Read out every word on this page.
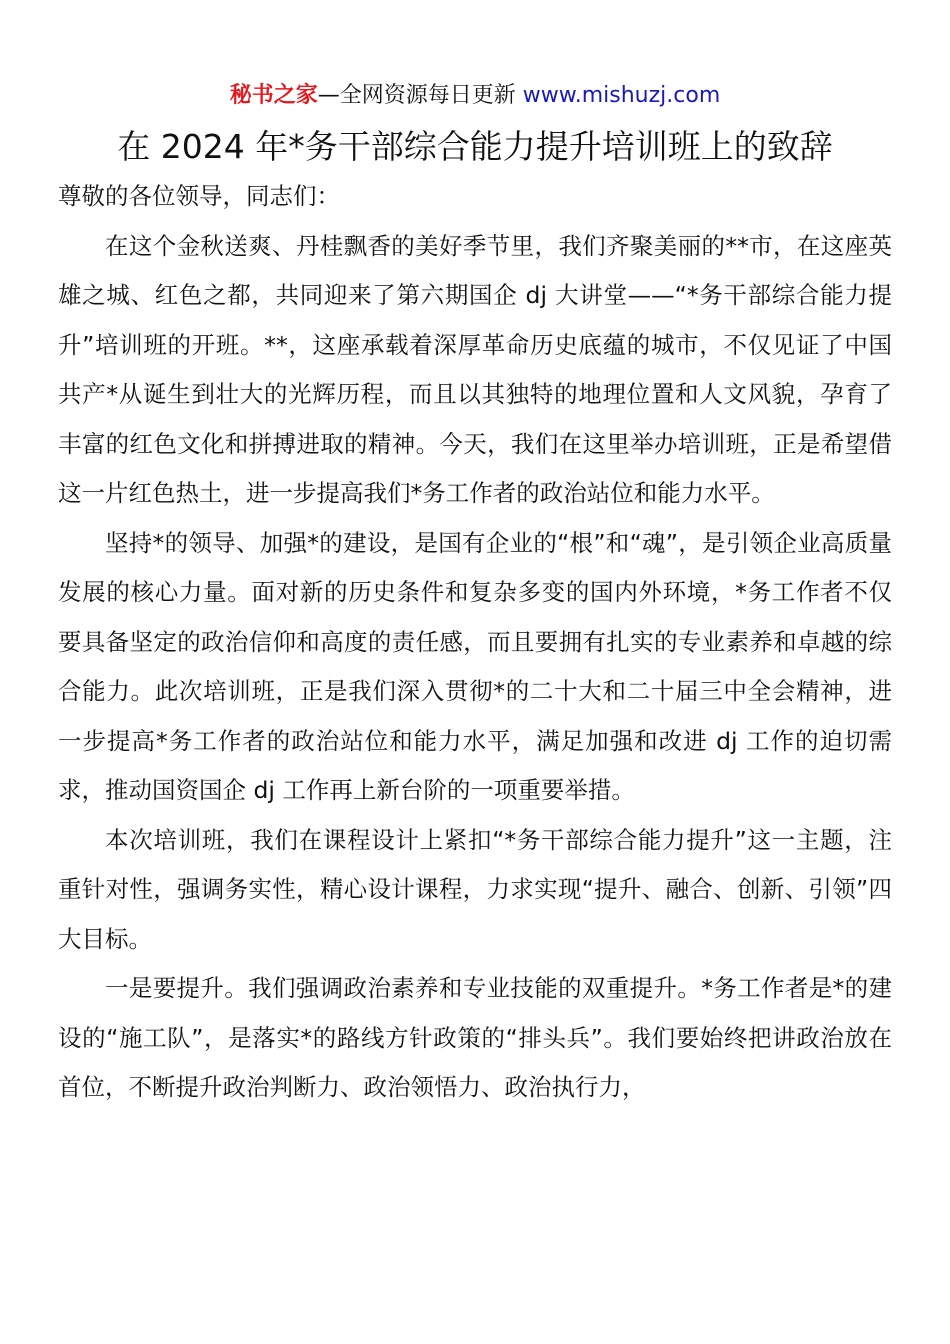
秘书之家—全网资源每日更新 www.mishuzj.com
在 2024 年*务干部综合能力提升培训班上的致辞

尊敬的各位领导，同志们：

在这个金秋送爽、丹桂飘香的美好季节里，我们齐聚美丽的**市，在这座英雄之城、红色之都，共同迎来了第六期国企 dj 大讲堂——“*务干部综合能力提升”培训班的开班。**，这座承载着深厚革命历史底蕴的城市，不仅见证了中国共产*从诞生到壮大的光辉历程，而且以其独特的地理位置和人文风貌，孕育了丰富的红色文化和拼搏进取的精神。今天，我们在这里举办培训班，正是希望借这一片红色热土，进一步提高我们*务工作者的政治站位和能力水平。

坚持*的领导、加强*的建设，是国有企业的“根”和“魂”，是引领企业高质量发展的核心力量。面对新的历史条件和复杂多变的国内外环境，*务工作者不仅要具备坚定的政治信仰和高度的责任感，而且要拥有扎实的专业素养和卓越的综合能力。此次培训班，正是我们深入贯彻*的二十大和二十届三中全会精神，进一步提高*务工作者的政治站位和能力水平，满足加强和改进 dj 工作的迫切需求，推动国资国企 dj 工作再上新台阶的一项重要举措。

本次培训班，我们在课程设计上紧扣“*务干部综合能力提升”这一主题，注重针对性，强调务实性，精心设计课程，力求实现“提升、融合、创新、引领”四大目标。

一是要提升。我们强调政治素养和专业技能的双重提升。*务工作者是*的建设的“施工队”，是落实*的路线方针政策的“排头兵”。我们要始终把讲政治放在首位，不断提升政治判断力、政治领悟力、政治执行力，
